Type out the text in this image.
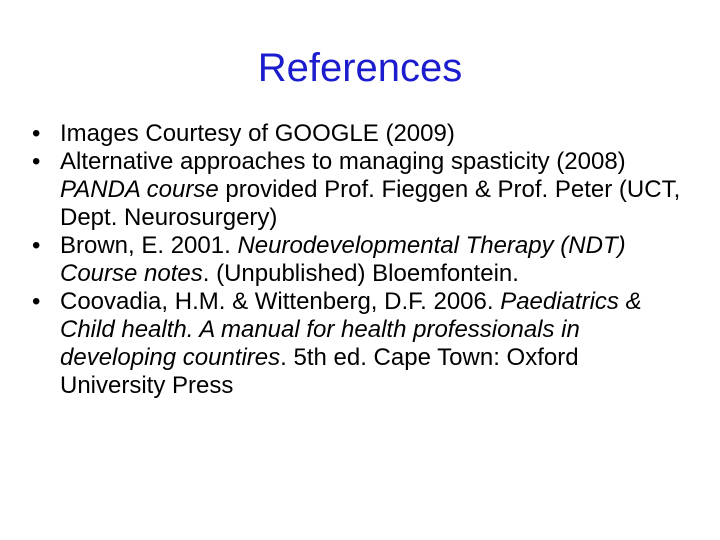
References
• Images Courtesy of GOOGLE (2009)
• Alternative approaches to managing spasticity (2008) PANDA course provided Prof. Fieggen & Prof. Peter (UCT, Dept. Neurosurgery)
• Brown, E. 2001. Neurodevelopmental Therapy (NDT)  Course notes. (Unpublished) Bloemfontein.
• Coovadia, H.M. & Wittenberg, D.F. 2006. Paediatrics & Child health. A manual for health professionals in developing countires. 5th ed. Cape Town: Oxford University Press
